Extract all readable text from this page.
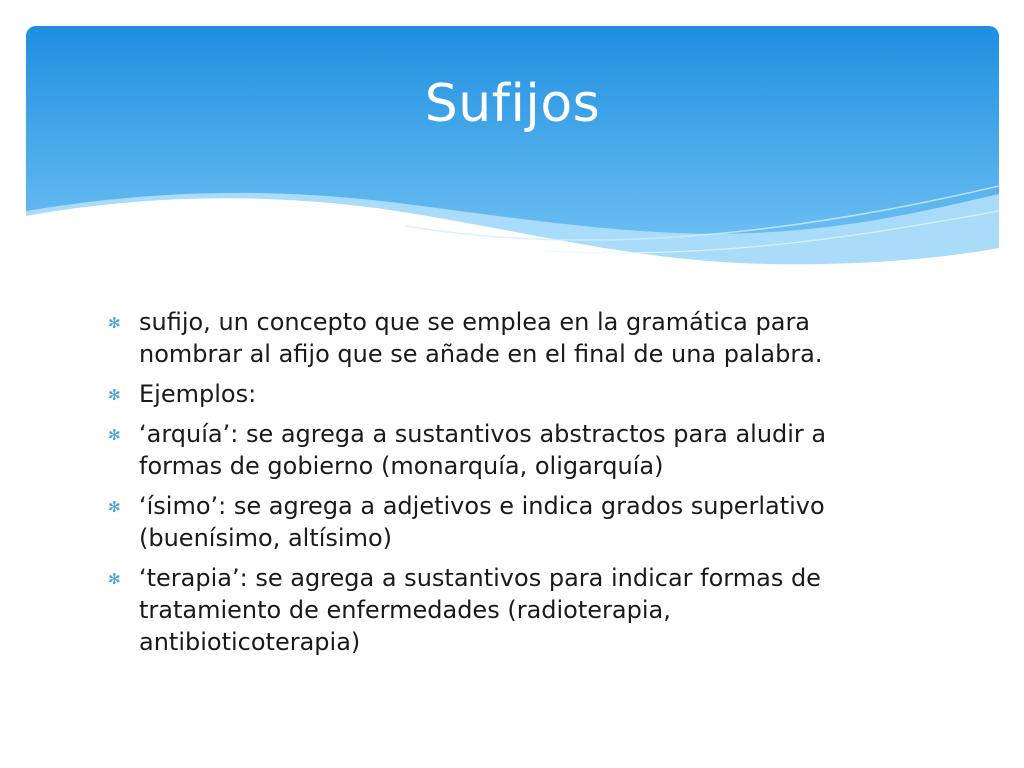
Sufijos
✻ sufijo, un concepto que se emplea en la gramática para nombrar al afijo que se añade en el final de una palabra.
✻ Ejemplos:
✻ ‘arquía’: se agrega a sustantivos abstractos para aludir a formas de gobierno (monarquía, oligarquía)
✻ ‘ísimo’: se agrega a adjetivos e indica grados superlativo (buenísimo, altísimo)
✻ ‘terapia’: se agrega a sustantivos para indicar formas de tratamiento de enfermedades (radioterapia, antibioticoterapia)
